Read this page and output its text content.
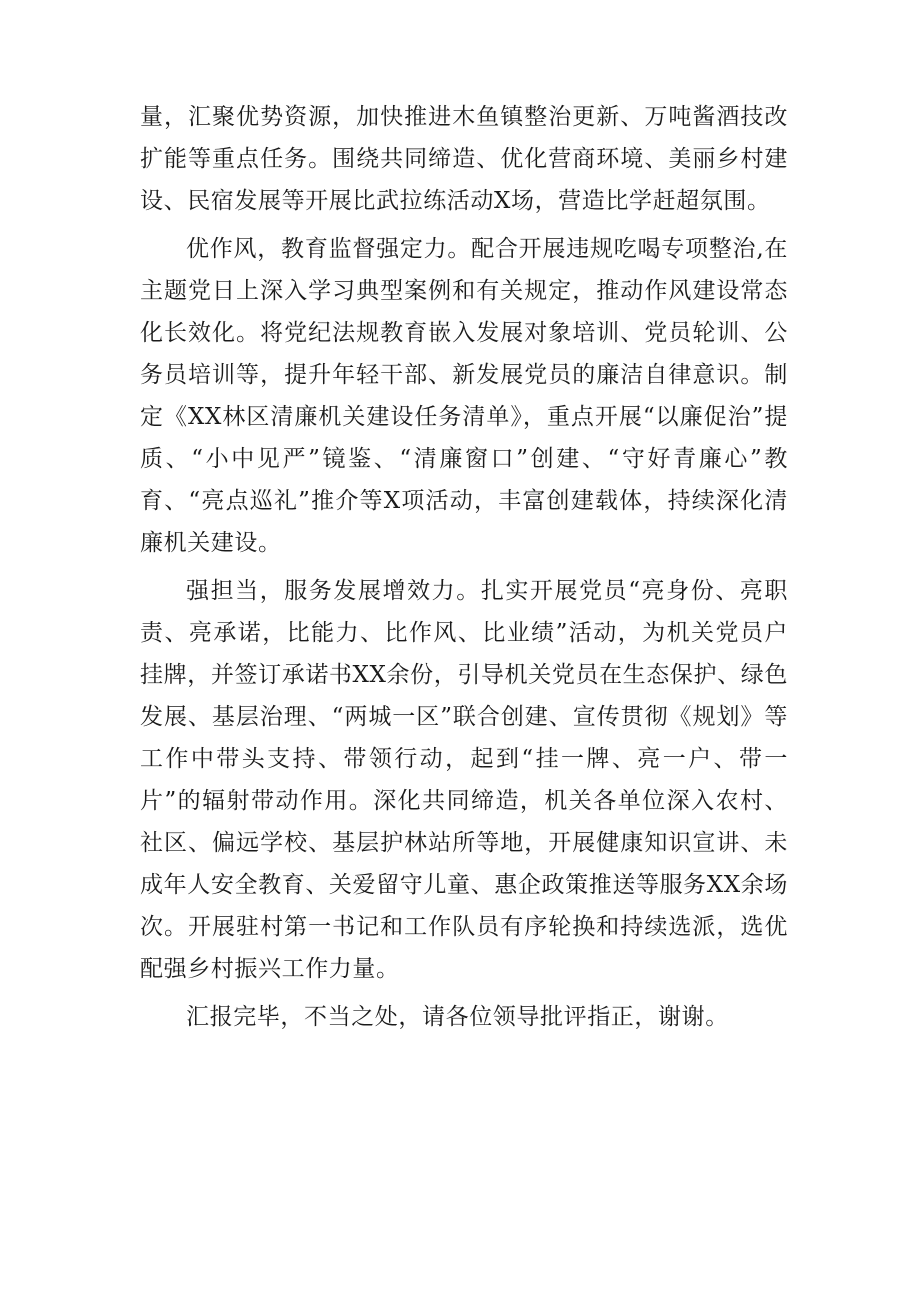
量，汇聚优势资源，加快推进木鱼镇整治更新、万吨酱酒技改扩能等重点任务。围绕共同缔造、优化营商环境、美丽乡村建设、民宿发展等开展比武拉练活动X场，营造比学赶超氛围。

优作风，教育监督强定力。配合开展违规吃喝专项整治,在主题党日上深入学习典型案例和有关规定，推动作风建设常态化长效化。将党纪法规教育嵌入发展对象培训、党员轮训、公务员培训等，提升年轻干部、新发展党员的廉洁自律意识。制定《XX林区清廉机关建设任务清单》，重点开展“以廉促治”提质、“小中见严”镜鉴、“清廉窗口”创建、“守好青廉心”教育、“亮点巡礼”推介等X项活动，丰富创建载体，持续深化清廉机关建设。

强担当，服务发展增效力。扎实开展党员“亮身份、亮职责、亮承诺，比能力、比作风、比业绩”活动，为机关党员户挂牌，并签订承诺书XX余份，引导机关党员在生态保护、绿色发展、基层治理、“两城一区”联合创建、宣传贯彻《规划》等工作中带头支持、带领行动，起到“挂一牌、亮一户、带一片”的辐射带动作用。深化共同缔造，机关各单位深入农村、社区、偏远学校、基层护林站所等地，开展健康知识宣讲、未成年人安全教育、关爱留守儿童、惠企政策推送等服务XX余场次。开展驻村第一书记和工作队员有序轮换和持续选派，选优配强乡村振兴工作力量。

汇报完毕，不当之处，请各位领导批评指正，谢谢。
